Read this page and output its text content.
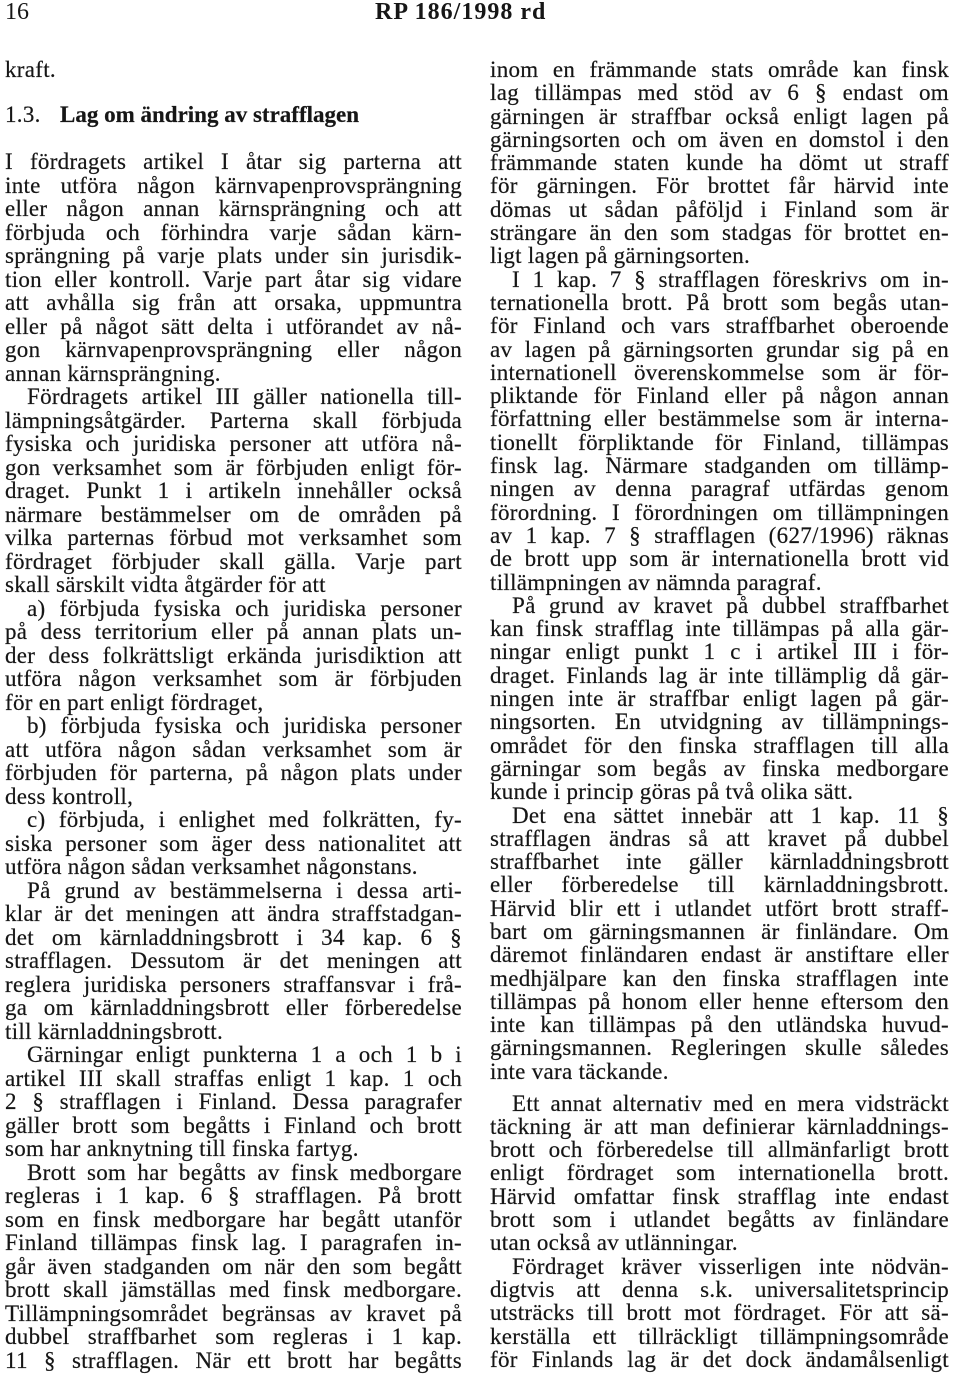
16	RP 186/1998 rd
kraft.
1.3. Lag om ändring av strafflagen
I fördragets artikel I åtar sig parterna att
inte utföra någon kärnvapenprovsprängning
eller någon annan kärnsprängning och att
förbjuda och förhindra varje sådan kärn-
sprängning på varje plats under sin jurisdik-
tion eller kontroll. Varje part åtar sig vidare
att avhålla sig från att orsaka, uppmuntra
eller på något sätt delta i utförandet av nå-
gon kärnvapenprovsprängning eller någon
annan kärnsprängning.
Fördragets artikel III gäller nationella till-
lämpningsåtgärder. Parterna skall förbjuda
fysiska och juridiska personer att utföra nå-
gon verksamhet som är förbjuden enligt för-
draget. Punkt 1 i artikeln innehåller också
närmare bestämmelser om de områden på
vilka parternas förbud mot verksamhet som
fördraget förbjuder skall gälla. Varje part
skall särskilt vidta åtgärder för att
a) förbjuda fysiska och juridiska personer
på dess territorium eller på annan plats un-
der dess folkrättsligt erkända jurisdiktion att
utföra någon verksamhet som är förbjuden
för en part enligt fördraget,
b) förbjuda fysiska och juridiska personer
att utföra någon sådan verksamhet som är
förbjuden för parterna, på någon plats under
dess kontroll,
c) förbjuda, i enlighet med folkrätten, fy-
siska personer som äger dess nationalitet att
utföra någon sådan verksamhet någonstans.
På grund av bestämmelserna i dessa arti-
klar är det meningen att ändra straffstadgan-
det om kärnladdningsbrott i 34 kap. 6 §
strafflagen. Dessutom är det meningen att
reglera juridiska personers straffansvar i frå-
ga om kärnladdningsbrott eller förberedelse
till kärnladdningsbrott.
Gärningar enligt punkterna 1 a och 1 b i
artikel III skall straffas enligt 1 kap. 1 och
2 § strafflagen i Finland. Dessa paragrafer
gäller brott som begåtts i Finland och brott
som har anknytning till finska fartyg.
Brott som har begåtts av finsk medborgare
regleras i 1 kap. 6 § strafflagen. På brott
som en finsk medborgare har begått utanför
Finland tillämpas finsk lag. I paragrafen in-
går även stadganden om när den som begått
brott skall jämställas med finsk medborgare.
Tillämpningsområdet begränsas av kravet på
dubbel straffbarhet som regleras i 1 kap.
11 § strafflagen. När ett brott har begåtts
inom en främmande stats område kan finsk
lag tillämpas med stöd av 6 § endast om
gärningen är straffbar också enligt lagen på
gärningsorten och om även en domstol i den
främmande staten kunde ha dömt ut straff
för gärningen. För brottet får härvid inte
dömas ut sådan påföljd i Finland som är
strängare än den som stadgas för brottet en-
ligt lagen på gärningsorten.
I 1 kap. 7 § strafflagen föreskrivs om in-
ternationella brott. På brott som begås utan-
för Finland och vars straffbarhet oberoende
av lagen på gärningsorten grundar sig på en
internationell överenskommelse som är för-
pliktande för Finland eller på någon annan
författning eller bestämmelse som är interna-
tionellt förpliktande för Finland, tillämpas
finsk lag. Närmare stadganden om tillämp-
ningen av denna paragraf utfärdas genom
förordning. I förordningen om tillämpningen
av 1 kap. 7 § strafflagen (627/1996) räknas
de brott upp som är internationella brott vid
tillämpningen av nämnda paragraf.
På grund av kravet på dubbel straffbarhet
kan finsk strafflag inte tillämpas på alla gär-
ningar enligt punkt 1 c i artikel III i för-
draget. Finlands lag är inte tillämplig då gär-
ningen inte är straffbar enligt lagen på gär-
ningsorten. En utvidgning av tillämpnings-
området för den finska strafflagen till alla
gärningar som begås av finska medborgare
kunde i princip göras på två olika sätt.
Det ena sättet innebär att 1 kap. 11 §
strafflagen ändras så att kravet på dubbel
straffbarhet inte gäller kärnladdningsbrott
eller förberedelse till kärnladdningsbrott.
Härvid blir ett i utlandet utfört brott straff-
bart om gärningsmannen är finländare. Om
däremot finländaren endast är anstiftare eller
medhjälpare kan den finska strafflagen inte
tillämpas på honom eller henne eftersom den
inte kan tillämpas på den utländska huvud-
gärningsmannen. Regleringen skulle således
inte vara täckande.
Ett annat alternativ med en mera vidsträckt
täckning är att man definierar kärnladdnings-
brott och förberedelse till allmänfarligt brott
enligt fördraget som internationella brott.
Härvid omfattar finsk strafflag inte endast
brott som i utlandet begåtts av finländare
utan också av utlänningar.
Fördraget kräver visserligen inte nödvän-
digtvis att denna s.k. universalitetsprincip
utsträcks till brott mot fördraget. För att sä-
kerställa ett tillräckligt tillämpningsområde
för Finlands lag är det dock ändamålsenligt
